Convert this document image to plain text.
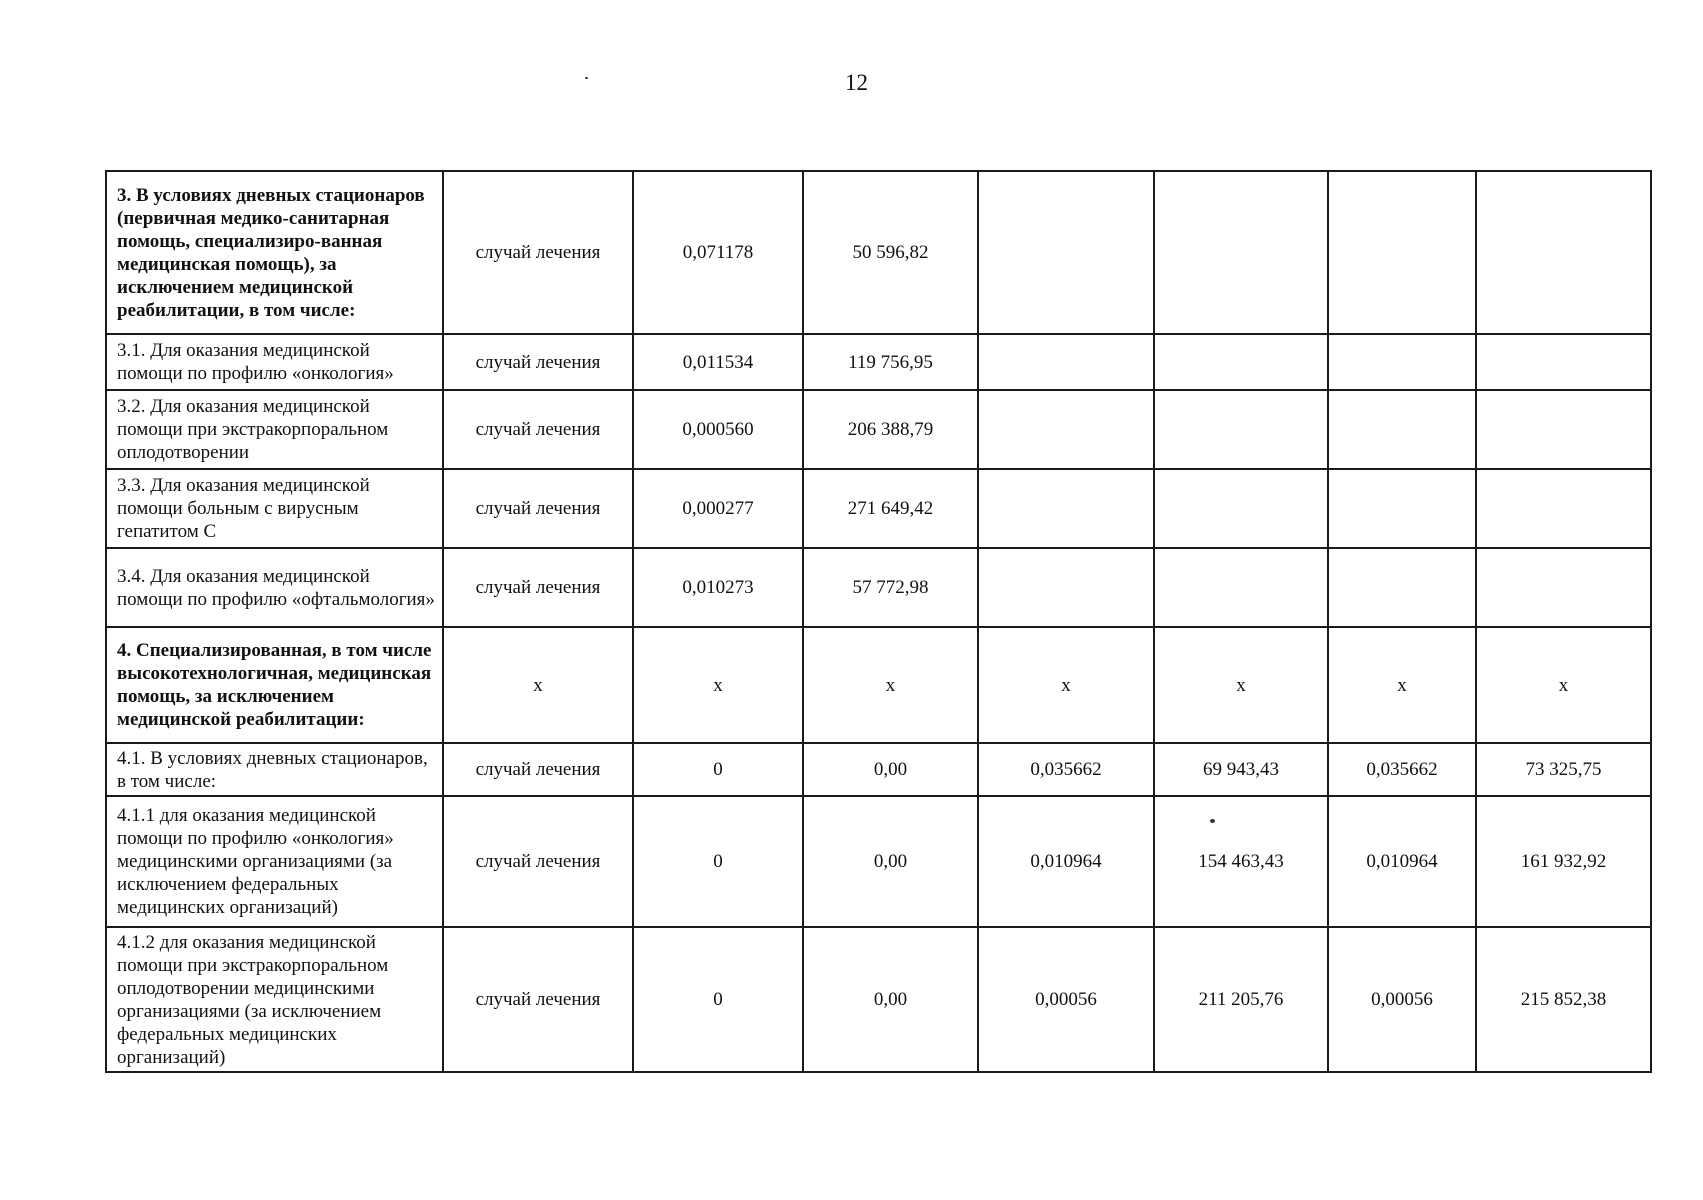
12
3. В условиях дневных стационаров (первичная медико-санитарная помощь, специализиро-ванная медицинская помощь), за исключением медицинской реабилитации, в том числе:	случай лечения	0,071178	50 596,82				
3.1. Для оказания медицинской помощи по профилю «онкология»	случай лечения	0,011534	119 756,95				
3.2. Для оказания медицинской помощи при экстракорпоральном оплодотворении	случай лечения	0,000560	206 388,79				
3.3. Для оказания медицинской помощи больным с вирусным гепатитом С	случай лечения	0,000277	271 649,42				
3.4. Для оказания медицинской помощи по профилю «офтальмология»	случай лечения	0,010273	57 772,98				
4. Специализированная, в том числе высокотехнологичная, медицинская помощь, за исключением медицинской реабилитации:	х	х	х	х	х	х	х
4.1. В условиях дневных стационаров, в том числе:	случай лечения	0	0,00	0,035662	69 943,43	0,035662	73 325,75
4.1.1 для оказания медицинской помощи по профилю «онкология» медицинскими организациями (за исключением федеральных медицинских организаций)	случай лечения	0	0,00	0,010964	154 463,43	0,010964	161 932,92
4.1.2 для оказания медицинской помощи при экстракорпоральном оплодотворении медицинскими организациями (за исключением федеральных медицинских организаций)	случай лечения	0	0,00	0,00056	211 205,76	0,00056	215 852,38
